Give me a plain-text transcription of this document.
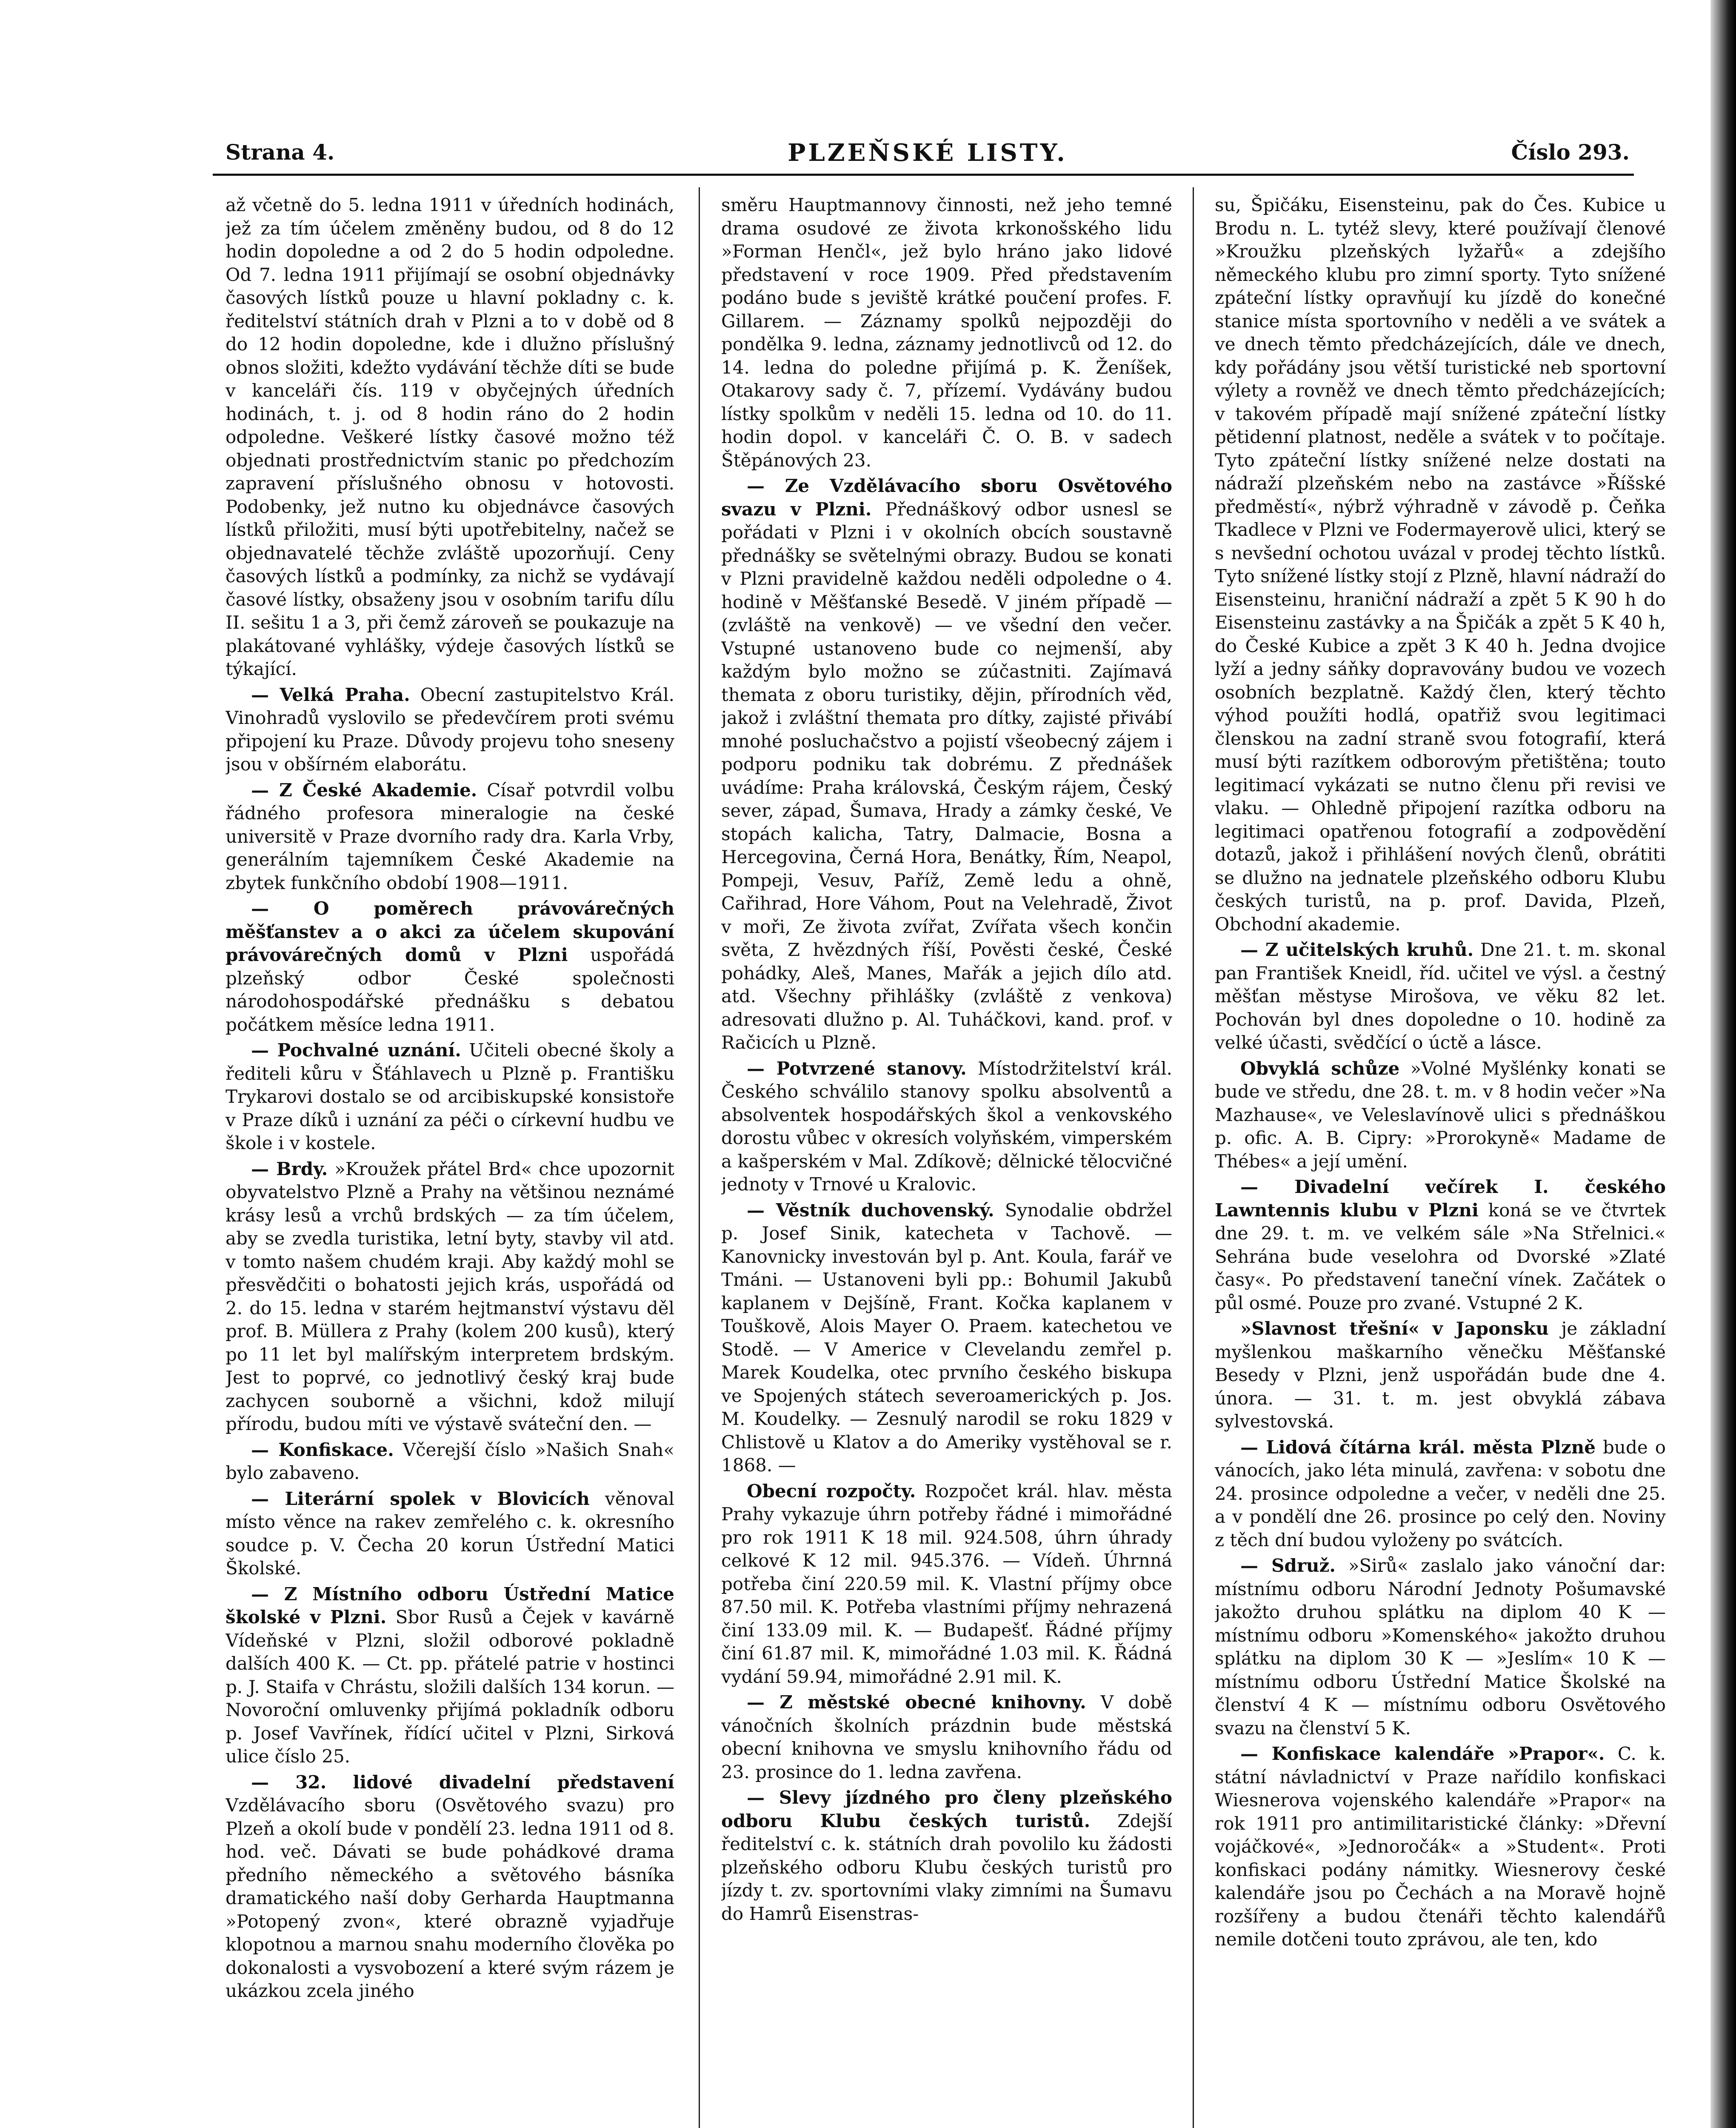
Strana 4.	PLZEŇSKÉ LISTY.	Číslo 293.

až včetně do 5. ledna 1911 v úředních hodinách, jež za tím účelem změněny budou, od 8 do 12 hodin dopoledne a od 2 do 5 hodin odpoledne. Od 7. ledna 1911 přijímají se osobní objednávky časových lístků pouze u hlavní pokladny c. k. ředitelství státních drah v Plzni a to v době od 8 do 12 hodin dopoledne, kde i dlužno příslušný obnos složiti, kdežto vydávání těchže díti se bude v kanceláři čís. 119 v obyčejných úředních hodinách, t. j. od 8 hodin ráno do 2 hodin odpoledne. Veškeré lístky časové možno též objednati prostřednictvím stanic po předchozím zapravení příslušného obnosu v hotovosti. Podobenky, jež nutno ku objednávce časových lístků přiložiti, musí býti upotřebitelny, načež se objednavatelé těchže zvláště upozorňují. Ceny časových lístků a podmínky, za nichž se vydávají časové lístky, obsaženy jsou v osobním tarifu dílu II. sešitu 1 a 3, při čemž zároveň se poukazuje na plakátované vyhlášky, výdeje časových lístků se týkající.

— Velká Praha. Obecní zastupitelstvo Král. Vinohradů vyslovilo se předevčírem proti svému připojení ku Praze. Důvody projevu toho sneseny jsou v obšírném elaborátu.

— Z České Akademie. Císař potvrdil volbu řádného profesora mineralogie na české universitě v Praze dvorního rady dra. Karla Vrby, generálním tajemníkem České Akademie na zbytek funkčního období 1908—1911.

— O poměrech právovárečných měšťanstev a o akci za účelem skupování právovárečných domů v Plzni uspořádá plzeňský odbor České společnosti národohospodářské přednášku s debatou počátkem měsíce ledna 1911.

— Pochvalné uznání. Učiteli obecné školy a řediteli kůru v Šťáhlavech u Plzně p. Františku Trykarovi dostalo se od arcibiskupské konsistoře v Praze díků i uznání za péči o církevní hudbu ve škole i v kostele.

— Brdy. »Kroužek přátel Brd« chce upozornit obyvatelstvo Plzně a Prahy na většinou neznámé krásy lesů a vrchů brdských — za tím účelem, aby se zvedla turistika, letní byty, stavby vil atd. v tomto našem chudém kraji. Aby každý mohl se přesvědčiti o bohatosti jejich krás, uspořádá od 2. do 15. ledna v starém hejtmanství výstavu děl prof. B. Müllera z Prahy (kolem 200 kusů), který po 11 let byl malířským interpretem brdským. Jest to poprvé, co jednotlivý český kraj bude zachycen souborně a všichni, kdož milují přírodu, budou míti ve výstavě sváteční den. —

— Konfiskace. Včerejší číslo »Našich Snah« bylo zabaveno.

— Literární spolek v Blovicích věnoval místo věnce na rakev zemřelého c. k. okresního soudce p. V. Čecha 20 korun Ústřední Matici Školské.

— Z Místního odboru Ústřední Matice školské v Plzni. Sbor Rusů a Čejek v kavárně Vídeňské v Plzni, složil odborové pokladně dalších 400 K. — Ct. pp. přátelé patrie v hostinci p. J. Staifa v Chrástu, složili dalších 134 korun. — Novoroční omluvenky přijímá pokladník odboru p. Josef Vavřínek, řídící učitel v Plzni, Sirková ulice číslo 25.

— 32. lidové divadelní představení Vzdělávacího sboru (Osvětového svazu) pro Plzeň a okolí bude v pondělí 23. ledna 1911 od 8. hod. več. Dávati se bude pohádkové drama předního německého a světového básníka dramatického naší doby Gerharda Hauptmanna »Potopený zvon«, které obrazně vyjadřuje klopotnou a marnou snahu moderního člověka po dokonalosti a vysvobození a které svým rázem je ukázkou zcela jiného

směru Hauptmannovy činnosti, než jeho temné drama osudové ze života krkonošského lidu »Forman Henčl«, jež bylo hráno jako lidové představení v roce 1909. Před představením podáno bude s jeviště krátké poučení profes. F. Gillarem. — Záznamy spolků nejpozději do pondělka 9. ledna, záznamy jednotlivců od 12. do 14. ledna do poledne přijímá p. K. Ženíšek, Otakarovy sady č. 7, přízemí. Vydávány budou lístky spolkům v neděli 15. ledna od 10. do 11. hodin dopol. v kanceláři Č. O. B. v sadech Štěpánových 23.

— Ze Vzdělávacího sboru Osvětového svazu v Plzni. Přednáškový odbor usnesl se pořádati v Plzni i v okolních obcích soustavně přednášky se světelnými obrazy. Budou se konati v Plzni pravidelně každou neděli odpoledne o 4. hodině v Měšťanské Besedě. V jiném případě — (zvláště na venkově) — ve všední den večer. Vstupné ustanoveno bude co nejmenší, aby každým bylo možno se zúčastniti. Zajímavá themata z oboru turistiky, dějin, přírodních věd, jakož i zvláštní themata pro dítky, zajisté přivábí mnohé posluchačstvo a pojistí všeobecný zájem i podporu podniku tak dobrému. Z přednášek uvádíme: Praha královská, Českým rájem, Český sever, západ, Šumava, Hrady a zámky české, Ve stopách kalicha, Tatry, Dalmacie, Bosna a Hercegovina, Černá Hora, Benátky, Řím, Neapol, Pompeji, Vesuv, Paříž, Země ledu a ohně, Cařihrad, Hore Váhom, Pout na Velehradě, Život v moři, Ze života zvířat, Zvířata všech končin světa, Z hvězdných říší, Pověsti české, České pohádky, Aleš, Manes, Mařák a jejich dílo atd. atd. Všechny přihlášky (zvláště z venkova) adresovati dlužno p. Al. Tuháčkovi, kand. prof. v Račicích u Plzně.

— Potvrzené stanovy. Místodržitelství král. Českého schválilo stanovy spolku absolventů a absolventek hospodářských škol a venkovského dorostu vůbec v okresích volyňském, vimperském a kašperském v Mal. Zdíkově; dělnické tělocvičné jednoty v Trnové u Kralovic.

— Věstník duchovenský. Synodalie obdržel p. Josef Sinik, katecheta v Tachově. — Kanovnicky investován byl p. Ant. Koula, farář ve Tmáni. — Ustanoveni byli pp.: Bohumil Jakubů kaplanem v Dejšíně, Frant. Kočka kaplanem v Touškově, Alois Mayer O. Praem. katechetou ve Stodě. — V Americe v Clevelandu zemřel p. Marek Koudelka, otec prvního českého biskupa ve Spojených státech severoamerických p. Jos. M. Koudelky. — Zesnulý narodil se roku 1829 v Chlistově u Klatov a do Ameriky vystěhoval se r. 1868. —

Obecní rozpočty. Rozpočet král. hlav. města Prahy vykazuje úhrn potřeby řádné i mimořádné pro rok 1911 K 18 mil. 924.508, úhrn úhrady celkové K 12 mil. 945.376. — Vídeň. Úhrnná potřeba činí 220.59 mil. K. Vlastní příjmy obce 87.50 mil. K. Potřeba vlastními příjmy nehrazená činí 133.09 mil. K. — Budapešť. Řádné příjmy činí 61.87 mil. K, mimořádné 1.03 mil. K. Řádná vydání 59.94, mimořádné 2.91 mil. K.

— Z městské obecné knihovny. V době vánočních školních prázdnin bude městská obecní knihovna ve smyslu knihovního řádu od 23. prosince do 1. ledna zavřena.

— Slevy jízdného pro členy plzeňského odboru Klubu českých turistů. Zdejší ředitelství c. k. státních drah povolilo ku žádosti plzeňského odboru Klubu českých turistů pro jízdy t. zv. sportovními vlaky zimními na Šumavu do Hamrů Eisenstras-

su, Špičáku, Eisensteinu, pak do Čes. Kubice u Brodu n. L. tytéž slevy, které používají členové »Kroužku plzeňských lyžařů« a zdejšího německého klubu pro zimní sporty. Tyto snížené zpáteční lístky opravňují ku jízdě do konečné stanice místa sportovního v neděli a ve svátek a ve dnech těmto předcházejících, dále ve dnech, kdy pořádány jsou větší turistické neb sportovní výlety a rovněž ve dnech těmto předcházejících; v takovém případě mají snížené zpáteční lístky pětidenní platnost, neděle a svátek v to počítaje. Tyto zpáteční lístky snížené nelze dostati na nádraží plzeňském nebo na zastávce »Říšské předměstí«, nýbrž výhradně v závodě p. Čeňka Tkadlece v Plzni ve Fodermayerově ulici, který se s nevšední ochotou uvázal v prodej těchto lístků. Tyto snížené lístky stojí z Plzně, hlavní nádraží do Eisensteinu, hraniční nádraží a zpět 5 K 90 h do Eisensteinu zastávky a na Špičák a zpět 5 K 40 h, do České Kubice a zpět 3 K 40 h. Jedna dvojice lyží a jedny sáňky dopravovány budou ve vozech osobních bezplatně. Každý člen, který těchto výhod použíti hodlá, opatřiž svou legitimaci členskou na zadní straně svou fotografií, která musí býti razítkem odborovým přetištěna; touto legitimací vykázati se nutno členu při revisi ve vlaku. — Ohledně připojení razítka odboru na legitimaci opatřenou fotografií a zodpovědění dotazů, jakož i přihlášení nových členů, obrátiti se dlužno na jednatele plzeňského odboru Klubu českých turistů, na p. prof. Davida, Plzeň, Obchodní akademie.

— Z učitelských kruhů. Dne 21. t. m. skonal pan František Kneidl, říd. učitel ve výsl. a čestný měšťan městyse Mirošova, ve věku 82 let. Pochován byl dnes dopoledne o 10. hodině za velké účasti, svědčící o úctě a lásce.

Obvyklá schůze »Volné Myšlénky konati se bude ve středu, dne 28. t. m. v 8 hodin večer »Na Mazhause«, ve Veleslavínově ulici s přednáškou p. ofic. A. B. Cipry: »Prorokyně« Madame de Thébes« a její umění.

— Divadelní večírek I. českého Lawntennis klubu v Plzni koná se ve čtvrtek dne 29. t. m. ve velkém sále »Na Střelnici.« Sehrána bude veselohra od Dvorské »Zlaté časy«. Po představení taneční vínek. Začátek o půl osmé. Pouze pro zvané. Vstupné 2 K.

»Slavnost třešní« v Japonsku je základní myšlenkou maškarního věnečku Měšťanské Besedy v Plzni, jenž uspořádán bude dne 4. února. — 31. t. m. jest obvyklá zábava sylvestovská.

— Lidová čítárna král. města Plzně bude o vánocích, jako léta minulá, zavřena: v sobotu dne 24. prosince odpoledne a večer, v neděli dne 25. a v pondělí dne 26. prosince po celý den. Noviny z těch dní budou vyloženy po svátcích.

— Sdruž. »Sirů« zaslalo jako vánoční dar: místnímu odboru Národní Jednoty Pošumavské jakožto druhou splátku na diplom 40 K — místnímu odboru »Komenského« jakožto druhou splátku na diplom 30 K — »Jeslím« 10 K — místnímu odboru Ústřední Matice Školské na členství 4 K — místnímu odboru Osvětového svazu na členství 5 K.

— Konfiskace kalendáře »Prapor«. C. k. státní návladnictví v Praze nařídilo konfiskaci Wiesnerova vojenského kalendáře »Prapor« na rok 1911 pro antimilitaristické články: »Dřevní vojáčkové«, »Jednoročák« a »Student«. Proti konfiskaci podány námitky. Wiesnerovy české kalendáře jsou po Čechách a na Moravě hojně rozšířeny a budou čtenáři těchto kalendářů nemile dotčeni touto zprávou, ale ten, kdo
